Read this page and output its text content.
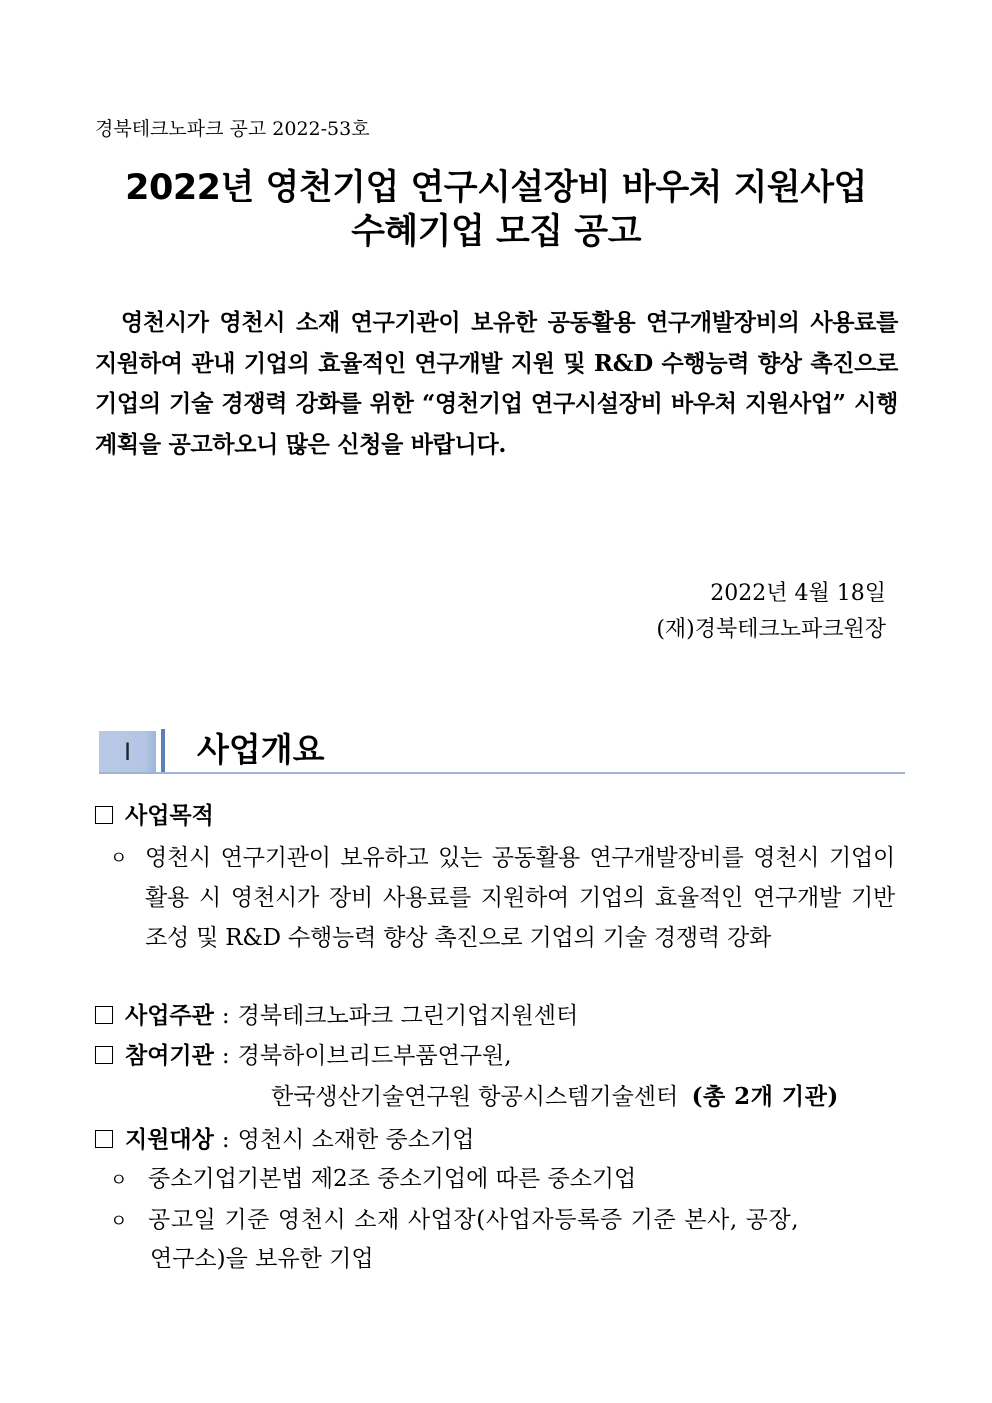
경북테크노파크 공고 2022-53호
2022년 영천기업 연구시설장비 바우처 지원사업
수혜기업 모집 공고
영천시가 영천시 소재 연구기관이 보유한 공동활용 연구개발장비의 사용료를 지원하여 관내 기업의 효율적인 연구개발 지원 및 R&D 수행능력 향상 촉진으로 기업의 기술 경쟁력 강화를 위한 “영천기업 연구시설장비 바우처 지원사업” 시행 계획을 공고하오니 많은 신청을 바랍니다.
2022년 4월 18일
(재)경북테크노파크원장
Ⅰ	사업개요
사업목적
ㅇ 영천시 연구기관이 보유하고 있는 공동활용 연구개발장비를 영천시 기업이 활용 시 영천시가 장비 사용료를 지원하여 기업의 효율적인 연구개발 기반 조성 및 R&D 수행능력 향상 촉진으로 기업의 기술 경쟁력 강화
사업주관 : 경북테크노파크 그린기업지원센터
참여기관 : 경북하이브리드부품연구원,
한국생산기술연구원 항공시스템기술센터 (총 2개 기관)
지원대상 : 영천시 소재한 중소기업
ㅇ 중소기업기본법 제2조 중소기업에 따른 중소기업
ㅇ 공고일 기준 영천시 소재 사업장(사업자등록증 기준 본사, 공장,
연구소)을 보유한 기업
